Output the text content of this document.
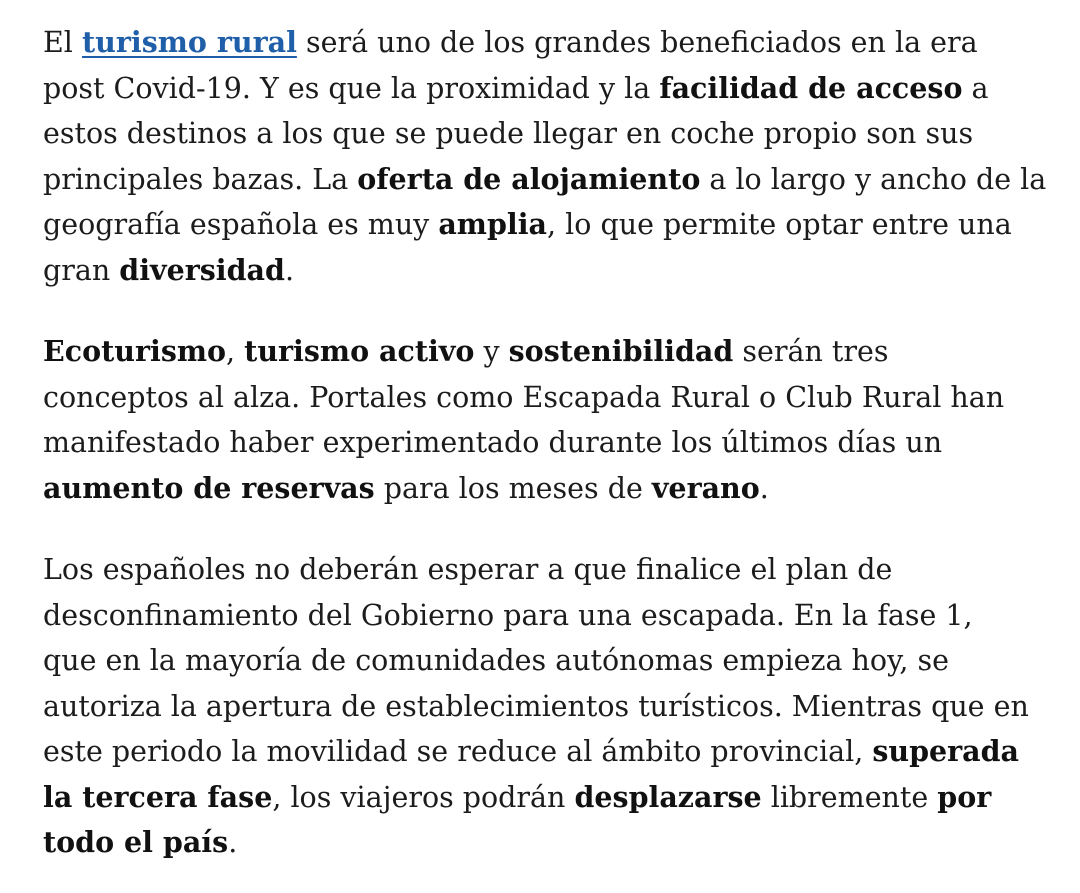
El turismo rural será uno de los grandes beneficiados en la era
post Covid-19. Y es que la proximidad y la facilidad de acceso a
estos destinos a los que se puede llegar en coche propio son sus
principales bazas. La oferta de alojamiento a lo largo y ancho de la
geografía española es muy amplia, lo que permite optar entre una
gran diversidad.

Ecoturismo, turismo activo y sostenibilidad serán tres
conceptos al alza. Portales como Escapada Rural o Club Rural han
manifestado haber experimentado durante los últimos días un
aumento de reservas para los meses de verano.

Los españoles no deberán esperar a que finalice el plan de
desconfinamiento del Gobierno para una escapada. En la fase 1,
que en la mayoría de comunidades autónomas empieza hoy, se
autoriza la apertura de establecimientos turísticos. Mientras que en
este periodo la movilidad se reduce al ámbito provincial, superada
la tercera fase, los viajeros podrán desplazarse libremente por
todo el país.
